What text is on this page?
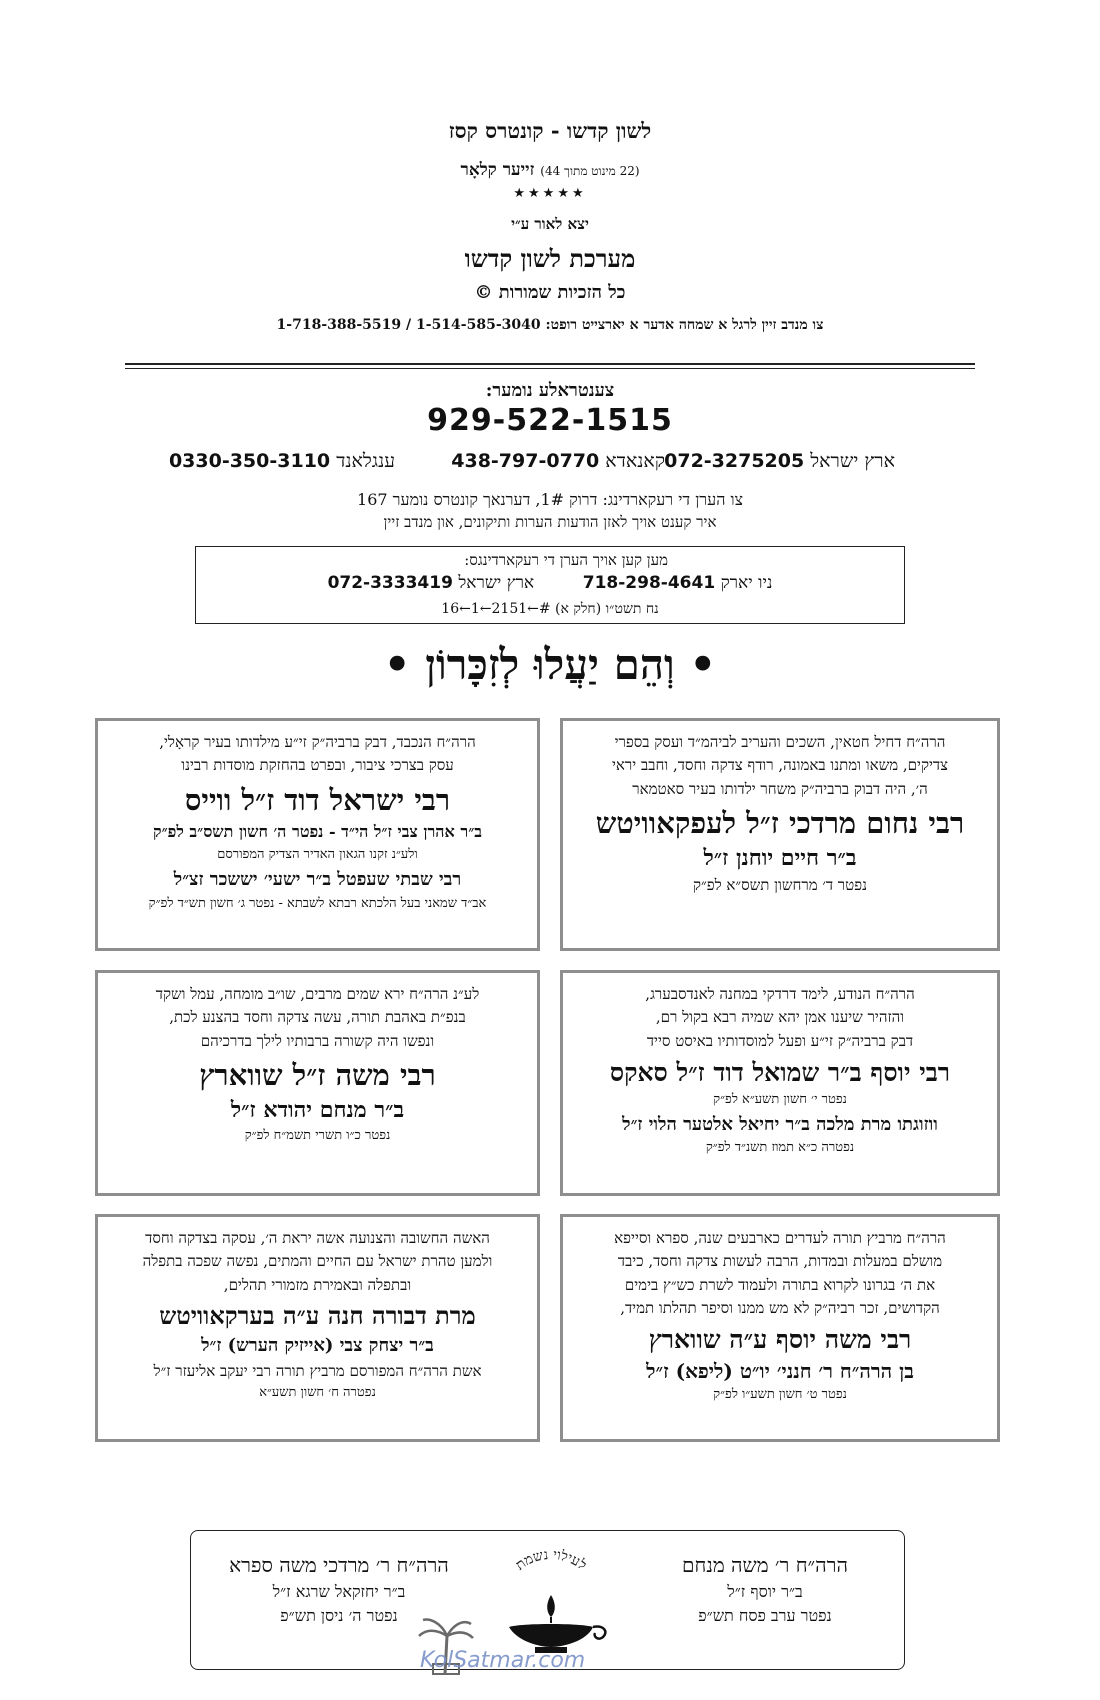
לשון קדשו - קונטרס קסז
(22 מינוט מתוך 44) זייער קלאָר
★★★★★
יצא לאור ע״י
מערכת לשון קדשו
כל הזכיות שמורות ©
צו מנדב זיין לרגל א שמחה אדער א יארצייט רופט: 1-514-585-3040 / 1-718-388-5519
צענטראלע נומער:
929-522-1515
ארץ ישראל 072-3275205
קאנאדא 438-797-0770
ענגלאנד 0330-350-3110
צו הערן די רעקארדינג: דרוק 1#, דערנאך קונטרס נומער 167
איר קענט אויך לאזן הודעות הערות ותיקונים, און מנדב זיין
מען קען אויך הערן די רעקארדינגס:
ניו יארק 718-298-4641         ארץ ישראל 072-3333419
נח תשט״ו (חלק א) #←2151←1←16
• וְהֵם יַעֲלוּ לְזִכָּרוֹן •
הרה״ח דחיל חטאין, השכים והעריב לביהמ״ד ועסק בספרי
צדיקים, משאו ומתנו באמונה, רודף צדקה וחסד, וחבב יראי
ה׳, היה דבוק ברביה״ק משחר ילדותו בעיר סאטמאר
רבי נחום מרדכי ז״ל לעפקאוויטש
ב״ר חיים יוחנן ז״ל
נפטר ד׳ מרחשון תשס״א לפ״ק
הרה״ח הנכבד, דבק ברביה״ק זי״ע מילדותו בעיר קראָלי,
עסק בצרכי ציבור, ובפרט בהחזקת מוסדות רבינו
רבי ישראל דוד ז״ל ווייס
ב״ר אהרן צבי ז״ל הי״ד - נפטר ה׳ חשון תשס״ב לפ״ק
ולע״נ זקנו הגאון האדיר הצדיק המפורסם
רבי שבתי שעפטל ב״ר ישעי׳ יששכר זצ״ל
אב״ד שמאני בעל הלכתא רבתא לשבתא - נפטר ג׳ חשון תש״ד לפ״ק
הרה״ח הנודע, לימד דרדקי במחנה לאנדסבערג,
והזהיר שיענו אמן יהא שמיה רבא בקול רם,
דבק ברביה״ק זי״ע ופעל למוסדותיו באיסט סייד
רבי יוסף ב״ר שמואל דוד ז״ל סאקס
נפטר י׳ חשון תשע״א לפ״ק
ווזוגתו מרת מלכה ב״ר יחיאל אלטער הלוי ז״ל
נפטרה כ״א תמוז תשנ״ד לפ״ק
לע״נ הרה״ח ירא שמים מרבים, שו״ב מומחה, עמל ושקד
בנפ״ת באהבת תורה, עשה צדקה וחסד בהצנע לכת,
ונפשו היה קשורה ברבותיו לילך בדרכיהם
רבי משה ז״ל שווארץ
ב״ר מנחם יהודא ז״ל
נפטר כ״ו תשרי תשמ״ח לפ״ק
הרה״ח מרביץ תורה לעדרים כארבעים שנה, ספרא וסייפא
מושלם במעלות ובמדות, הרבה לעשות צדקה וחסד, כיבד
את ה׳ בגרונו לקרוא בתורה ולעמוד לשרת כש״ץ בימים
הקדושים, זכר רביה״ק לא מש ממנו וסיפר תהלתו תמיד,
רבי משה יוסף ע״ה שווארץ
בן הרה״ח ר׳ חנני׳ יו״ט (ליפא) ז״ל
נפטר ט׳ חשון תשע״ו לפ״ק
האשה החשובה והצנועה אשה יראת ה׳, עסקה בצדקה וחסד
ולמען טהרת ישראל עם החיים והמתים, נפשה שפכה בתפלה
ובתפלה ובאמירת מזמורי תהלים,
מרת דבורה חנה ע״ה בערקאוויטש
ב״ר יצחק צבי (אייזיק הערש) ז״ל
אשת הרה״ח המפורסם מרביץ תורה רבי יעקב אליעזר ז״ל
נפטרה ח׳ חשון תשע״א
הרה״ח ר׳ משה מנחם
ב״ר יוסף ז״ל
נפטר ערב פסח תש״פ
לעילוי נשמת
הרה״ח ר׳ מרדכי משה ספרא
ב״ר יחזקאל שרגא ז״ל
נפטר ה׳ ניסן תש״פ
KolSatmar.com
